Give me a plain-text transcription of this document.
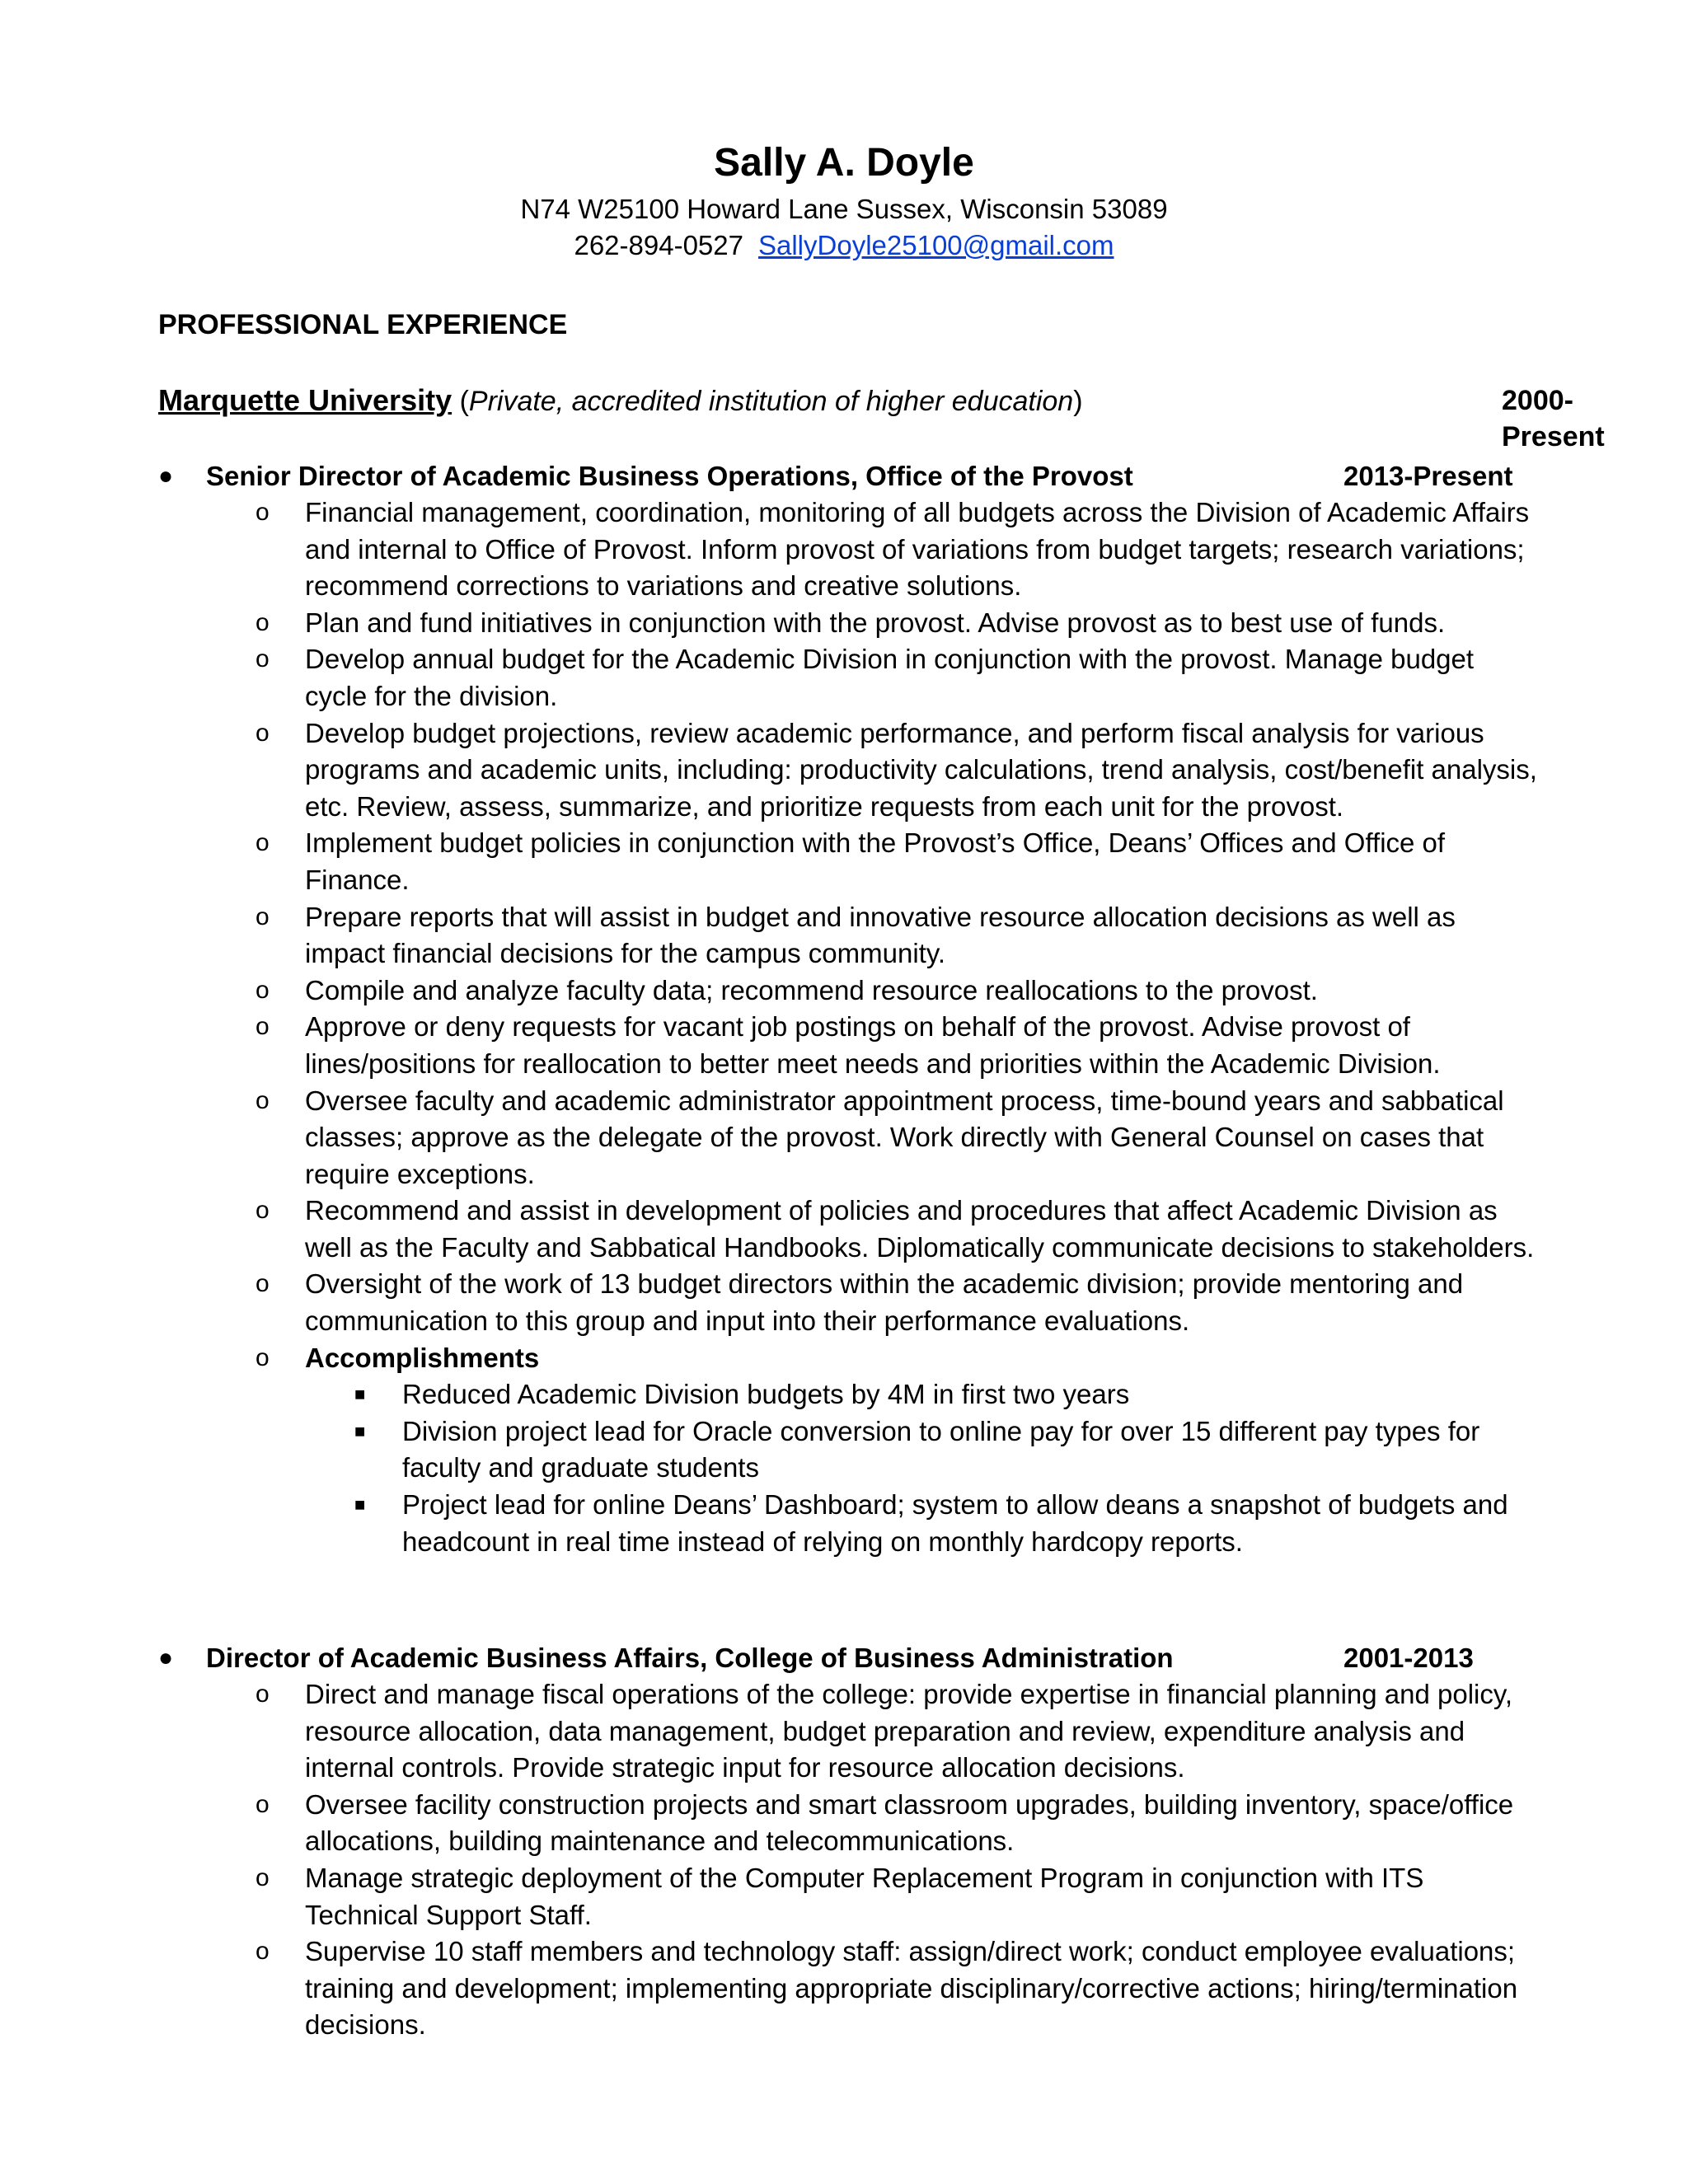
Sally A. Doyle
N74 W25100 Howard Lane Sussex, Wisconsin 53089
262-894-0527 SallyDoyle25100@gmail.com
PROFESSIONAL EXPERIENCE
Marquette University (Private, accredited institution of higher education)	2000-Present
●	Senior Director of Academic Business Operations, Office of the Provost	2013-Present
o Financial management, coordination, monitoring of all budgets across the Division of Academic Affairs and internal to Office of Provost. Inform provost of variations from budget targets; research variations; recommend corrections to variations and creative solutions.
o Plan and fund initiatives in conjunction with the provost. Advise provost as to best use of funds.
o Develop annual budget for the Academic Division in conjunction with the provost. Manage budget cycle for the division.
o Develop budget projections, review academic performance, and perform fiscal analysis for various programs and academic units, including: productivity calculations, trend analysis, cost/benefit analysis, etc. Review, assess, summarize, and prioritize requests from each unit for the provost.
o Implement budget policies in conjunction with the Provost’s Office, Deans’ Offices and Office of Finance.
o Prepare reports that will assist in budget and innovative resource allocation decisions as well as impact financial decisions for the campus community.
o Compile and analyze faculty data; recommend resource reallocations to the provost.
o Approve or deny requests for vacant job postings on behalf of the provost. Advise provost of lines/positions for reallocation to better meet needs and priorities within the Academic Division.
o Oversee faculty and academic administrator appointment process, time-bound years and sabbatical classes; approve as the delegate of the provost. Work directly with General Counsel on cases that require exceptions.
o Recommend and assist in development of policies and procedures that affect Academic Division as well as the Faculty and Sabbatical Handbooks. Diplomatically communicate decisions to stakeholders.
o Oversight of the work of 13 budget directors within the academic division; provide mentoring and communication to this group and input into their performance evaluations.
o Accomplishments
■ Reduced Academic Division budgets by 4M in first two years
■ Division project lead for Oracle conversion to online pay for over 15 different pay types for faculty and graduate students
■ Project lead for online Deans’ Dashboard; system to allow deans a snapshot of budgets and headcount in real time instead of relying on monthly hardcopy reports.
●	Director of Academic Business Affairs, College of Business Administration	2001-2013
o Direct and manage fiscal operations of the college: provide expertise in financial planning and policy, resource allocation, data management, budget preparation and review, expenditure analysis and internal controls. Provide strategic input for resource allocation decisions.
o Oversee facility construction projects and smart classroom upgrades, building inventory, space/office allocations, building maintenance and telecommunications.
o Manage strategic deployment of the Computer Replacement Program in conjunction with ITS Technical Support Staff.
o Supervise 10 staff members and technology staff: assign/direct work; conduct employee evaluations; training and development; implementing appropriate disciplinary/corrective actions; hiring/termination decisions.
